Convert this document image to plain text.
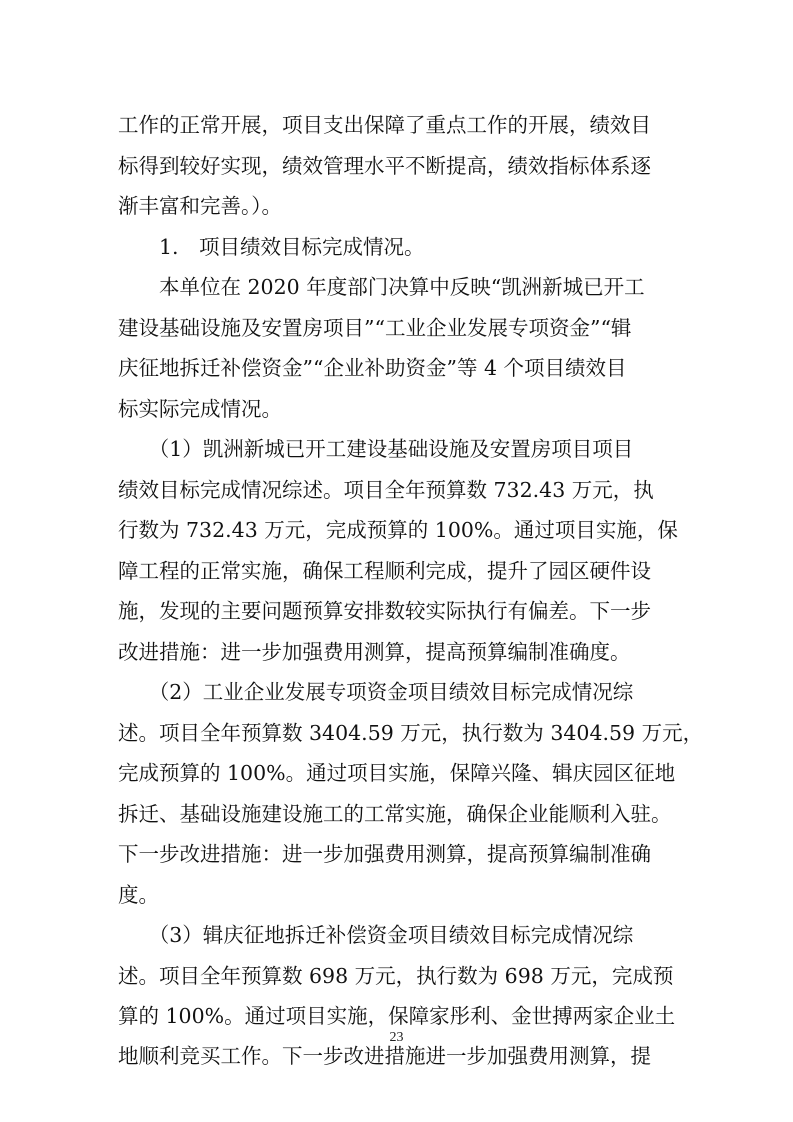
工作的正常开展，项目支出保障了重点工作的开展，绩效目
标得到较好实现，绩效管理水平不断提高，绩效指标体系逐
渐丰富和完善。）。
　　1.　项目绩效目标完成情况。
　　本单位在 2020 年度部门决算中反映“凯洲新城已开工
建设基础设施及安置房项目”“工业企业发展专项资金”“辑
庆征地拆迁补偿资金”“企业补助资金”等 4 个项目绩效目
标实际完成情况。
　　（1）凯洲新城已开工建设基础设施及安置房项目项目
绩效目标完成情况综述。项目全年预算数 732.43 万元，执
行数为 732.43 万元，完成预算的 100%。通过项目实施，保
障工程的正常实施，确保工程顺利完成，提升了园区硬件设
施，发现的主要问题预算安排数较实际执行有偏差。下一步
改进措施：进一步加强费用测算，提高预算编制准确度。
　　（2）工业企业发展专项资金项目绩效目标完成情况综
述。项目全年预算数 3404.59 万元，执行数为 3404.59 万元，
完成预算的 100%。通过项目实施，保障兴隆、辑庆园区征地
拆迁、基础设施建设施工的工常实施，确保企业能顺利入驻。
下一步改进措施：进一步加强费用测算，提高预算编制准确
度。
　　（3）辑庆征地拆迁补偿资金项目绩效目标完成情况综
述。项目全年预算数 698 万元，执行数为 698 万元，完成预
算的 100%。通过项目实施，保障家彤利、金世搏两家企业土
地顺利竞买工作。下一步改进措施进一步加强费用测算，提
23
